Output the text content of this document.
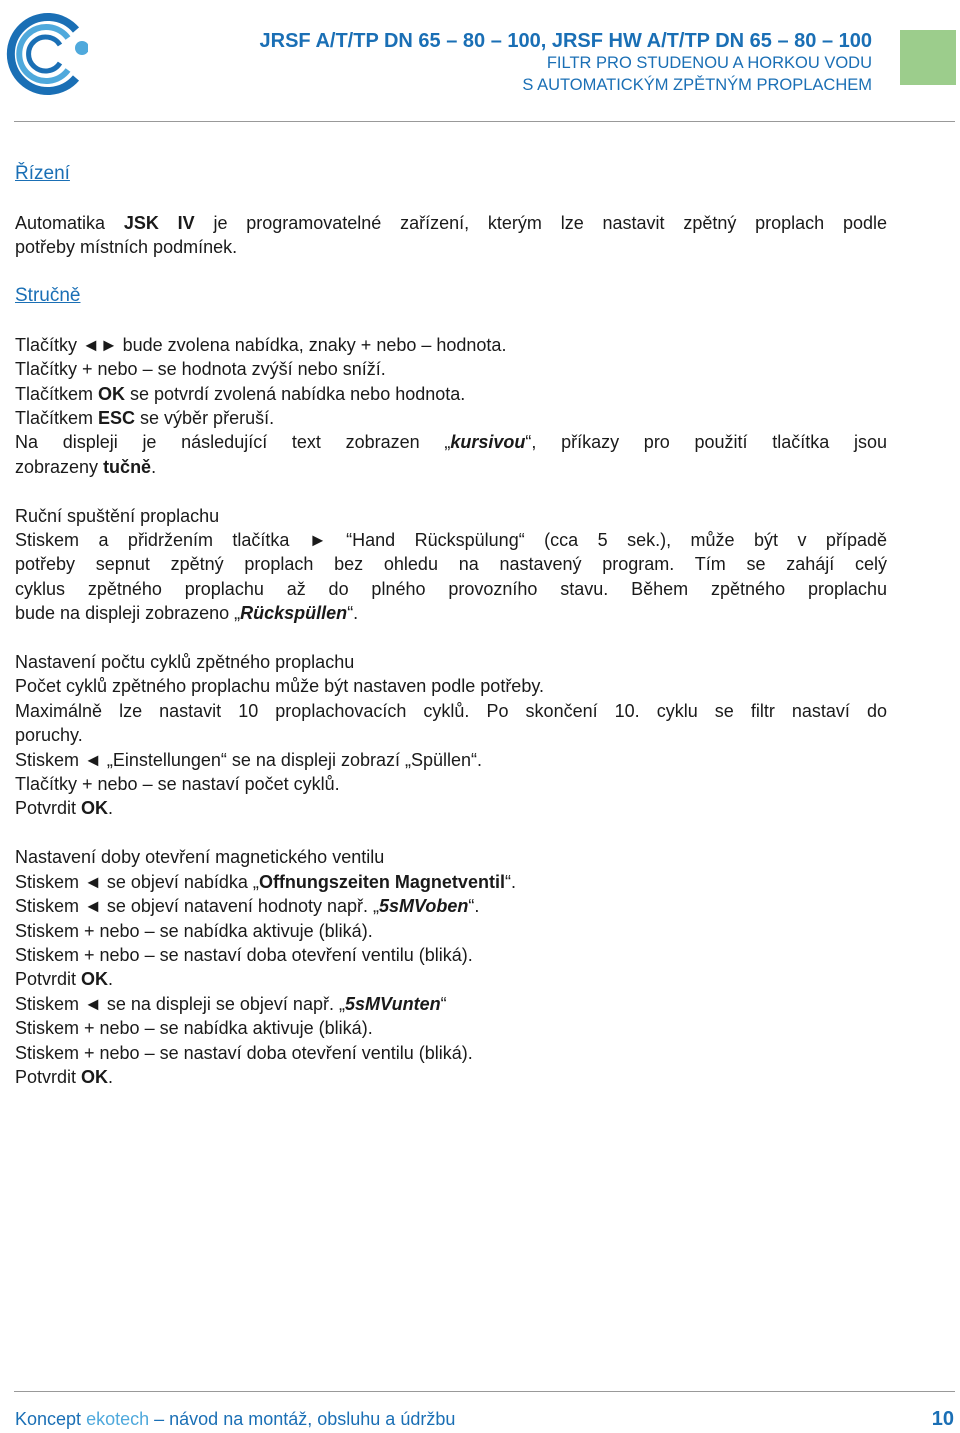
JRSF A/T/TP DN 65 – 80 – 100, JRSF HW A/T/TP DN 65 – 80 – 100
FILTR PRO STUDENOU A HORKOU VODU
S AUTOMATICKÝM ZPĚTNÝM PROPLACHEM

Řízení

Automatika JSK IV je programovatelné zařízení, kterým lze nastavit zpětný proplach podle

potřeby místních podmínek.

Stručně

Tlačítky ◄► bude zvolena nabídka, znaky + nebo – hodnota.

Tlačítky + nebo – se hodnota zvýší nebo sníží.

Tlačítkem OK se potvrdí zvolená nabídka nebo hodnota.

Tlačítkem ESC se výběr přeruší.

Na displeji je následující text zobrazen „kursivou“, příkazy pro použití tlačítka jsou

zobrazeny tučně.

Ruční spuštění proplachu

Stiskem a přidržením tlačítka ► “Hand Rückspülung“ (cca 5 sek.), může být v případě

potřeby sepnut zpětný proplach bez ohledu na nastavený program. Tím se zahájí celý

cyklus zpětného proplachu až do plného provozního stavu. Během zpětného proplachu

bude na displeji zobrazeno „Rückspüllen“.

Nastavení počtu cyklů zpětného proplachu

Počet cyklů zpětného proplachu může být nastaven podle potřeby.

Maximálně lze nastavit 10 proplachovacích cyklů. Po skončení 10. cyklu se filtr nastaví do

poruchy.

Stiskem ◄ „Einstellungen“ se na displeji zobrazí „Spüllen“.

Tlačítky + nebo – se nastaví počet cyklů.

Potvrdit OK.

Nastavení doby otevření magnetického ventilu

Stiskem ◄ se objeví nabídka „Offnungszeiten Magnetventil“.

Stiskem ◄ se objeví natavení hodnoty např. „5sMVoben“.

Stiskem + nebo – se nabídka aktivuje (bliká).

Stiskem + nebo – se nastaví doba otevření ventilu (bliká).

Potvrdit OK.

Stiskem ◄ se na displeji se objeví např. „5sMVunten“

Stiskem + nebo – se nabídka aktivuje (bliká).

Stiskem + nebo – se nastaví doba otevření ventilu (bliká).

Potvrdit OK.

Koncept ekotech – návod na montáž, obsluhu a údržbu	10
